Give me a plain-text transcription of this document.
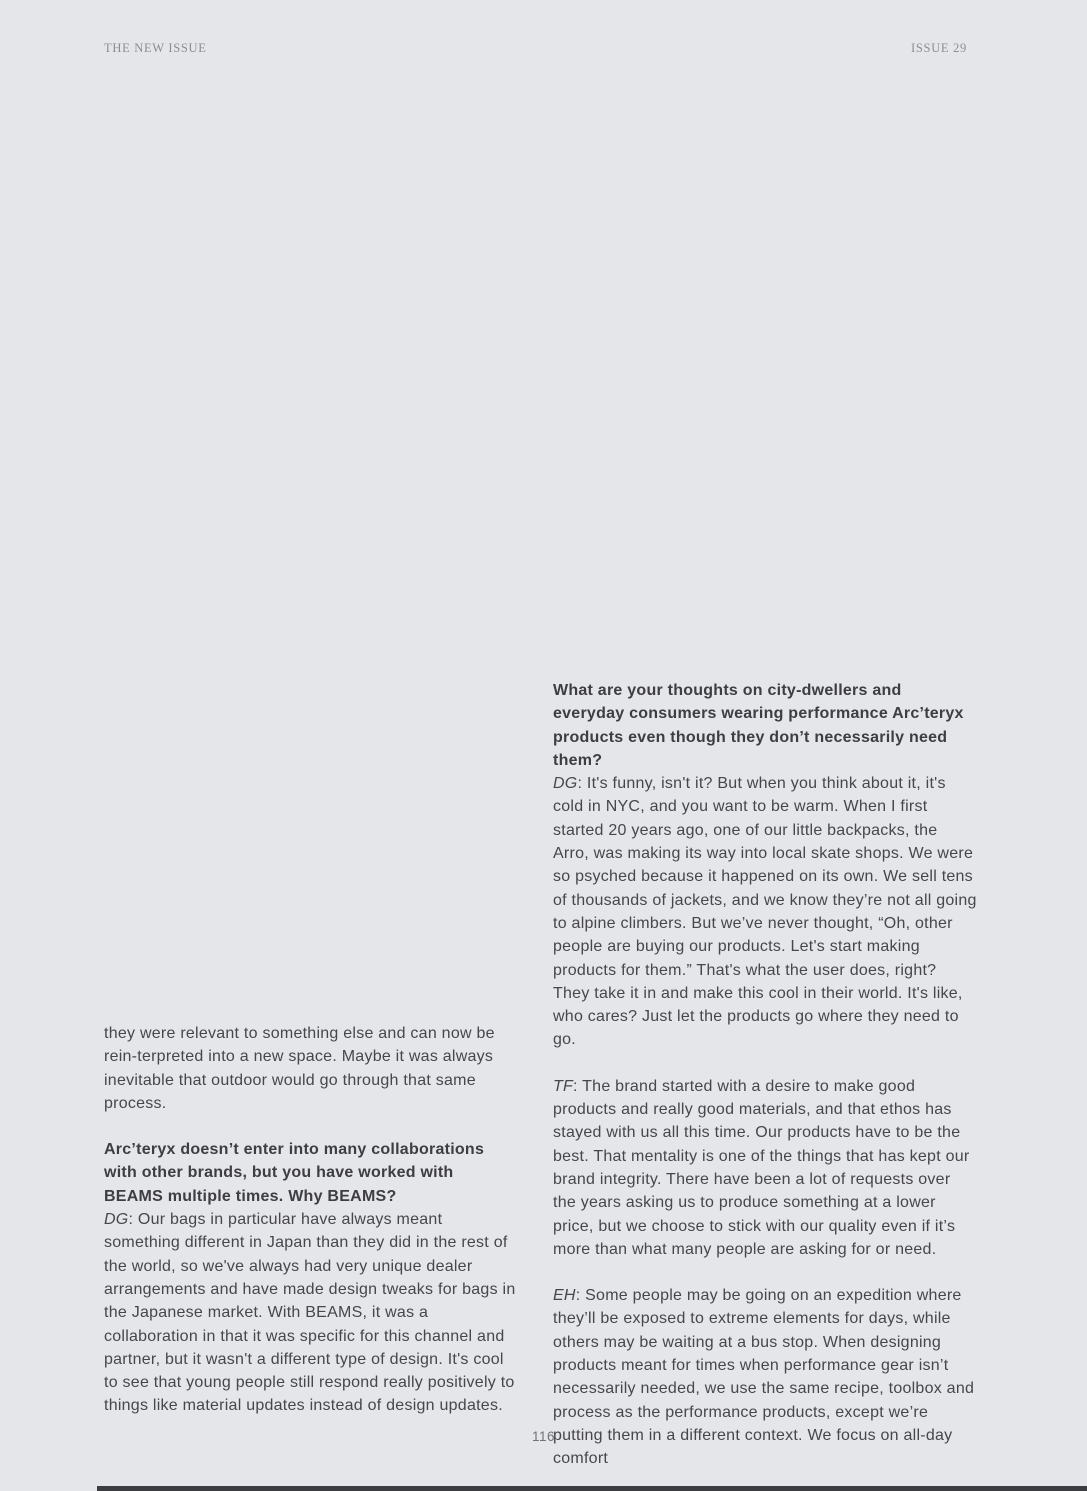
THE NEW ISSUE	ISSUE 29

they were relevant to something else and can now be rein-terpreted into a new space. Maybe it was always inevitable that outdoor would go through that same process.

Arc’teryx doesn’t enter into many collaborations with other brands, but you have worked with BEAMS multiple times. Why BEAMS?

DG: Our bags in particular have always meant something different in Japan than they did in the rest of the world, so we've always had very unique dealer arrangements and have made design tweaks for bags in the Japanese market. With BEAMS, it was a collaboration in that it was specific for this channel and partner, but it wasn't a different type of design. It's cool to see that young people still respond really positively to things like material updates instead of design updates.

What are your thoughts on city-dwellers and everyday consumers wearing performance Arc’teryx products even though they don’t necessarily need them?

DG: It's funny, isn't it? But when you think about it, it's cold in NYC, and you want to be warm. When I first started 20 years ago, one of our little backpacks, the Arro, was making its way into local skate shops. We were so psyched because it happened on its own. We sell tens of thousands of jackets, and we know they’re not all going to alpine climbers. But we’ve never thought, “Oh, other people are buying our products. Let's start making products for them.” That's what the user does, right? They take it in and make this cool in their world. It's like, who cares? Just let the products go where they need to go.

TF: The brand started with a desire to make good products and really good materials, and that ethos has stayed with us all this time. Our products have to be the best. That mentality is one of the things that has kept our brand integrity. There have been a lot of requests over the years asking us to produce something at a lower price, but we choose to stick with our quality even if it’s more than what many people are asking for or need.

EH: Some people may be going on an expedition where they’ll be exposed to extreme elements for days, while others may be waiting at a bus stop. When designing products meant for times when performance gear isn’t necessarily needed, we use the same recipe, toolbox and process as the performance products, except we’re putting them in a different context. We focus on all-day comfort

116
